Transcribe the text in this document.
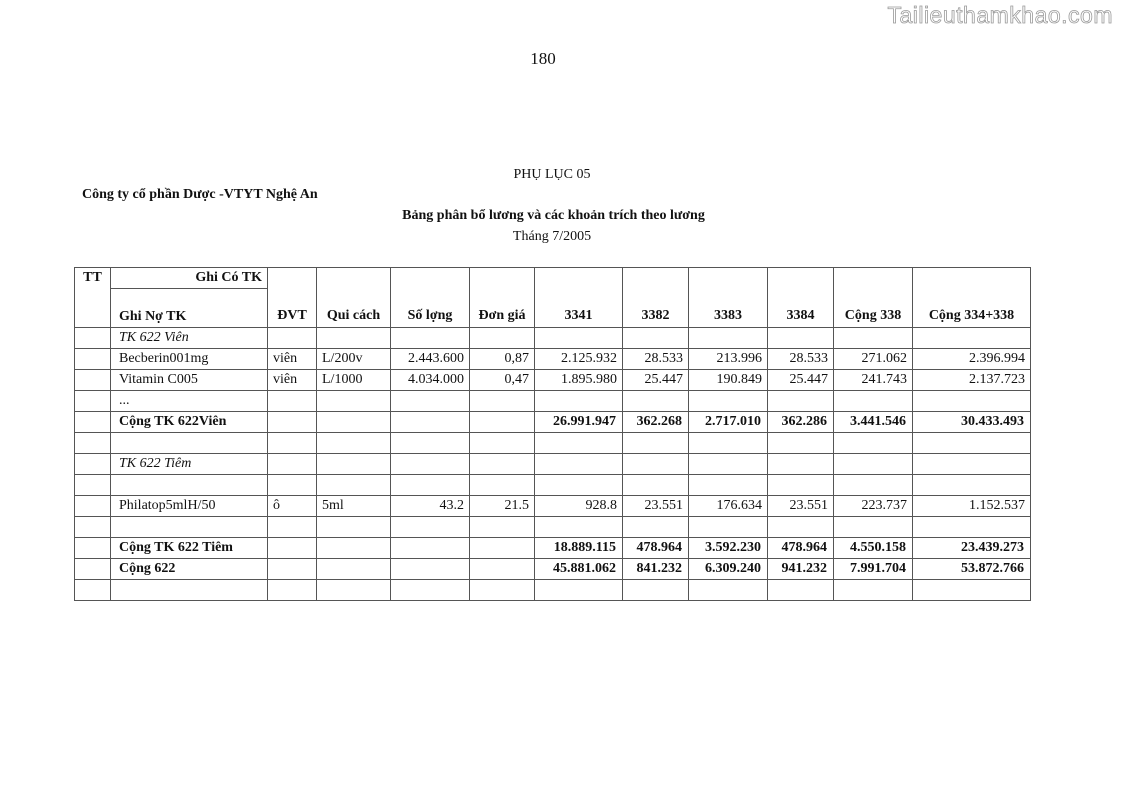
Tailieuthamkhao.com
180
PHỤ LỤC 05
Công ty cổ phần Dược -VTYT Nghệ An
Bảng phân bổ lương và các khoản trích theo lương
Tháng 7/2005
TT	Ghi Có TK	ĐVT	Qui cách	Số lợng	Đơn giá	3341	3382	3383	3384	Cộng 338	Cộng 334+338
	Ghi Nợ TK										
	TK 622 Viên										
	Becberin001mg	viên	L/200v	2.443.600	0,87	2.125.932	28.533	213.996	28.533	271.062	2.396.994
	Vitamin C005	viên	L/1000	4.034.000	0,47	1.895.980	25.447	190.849	25.447	241.743	2.137.723
	...										
	Cộng TK 622Viên					26.991.947	362.268	2.717.010	362.286	3.441.546	30.433.493

	TK 622 Tiêm										

	Philatop5mlH/50	ô	5ml	43.2	21.5	928.8	23.551	176.634	23.551	223.737	1.152.537

	Cộng TK 622 Tiêm					18.889.115	478.964	3.592.230	478.964	4.550.158	23.439.273
	Cộng 622					45.881.062	841.232	6.309.240	941.232	7.991.704	53.872.766
